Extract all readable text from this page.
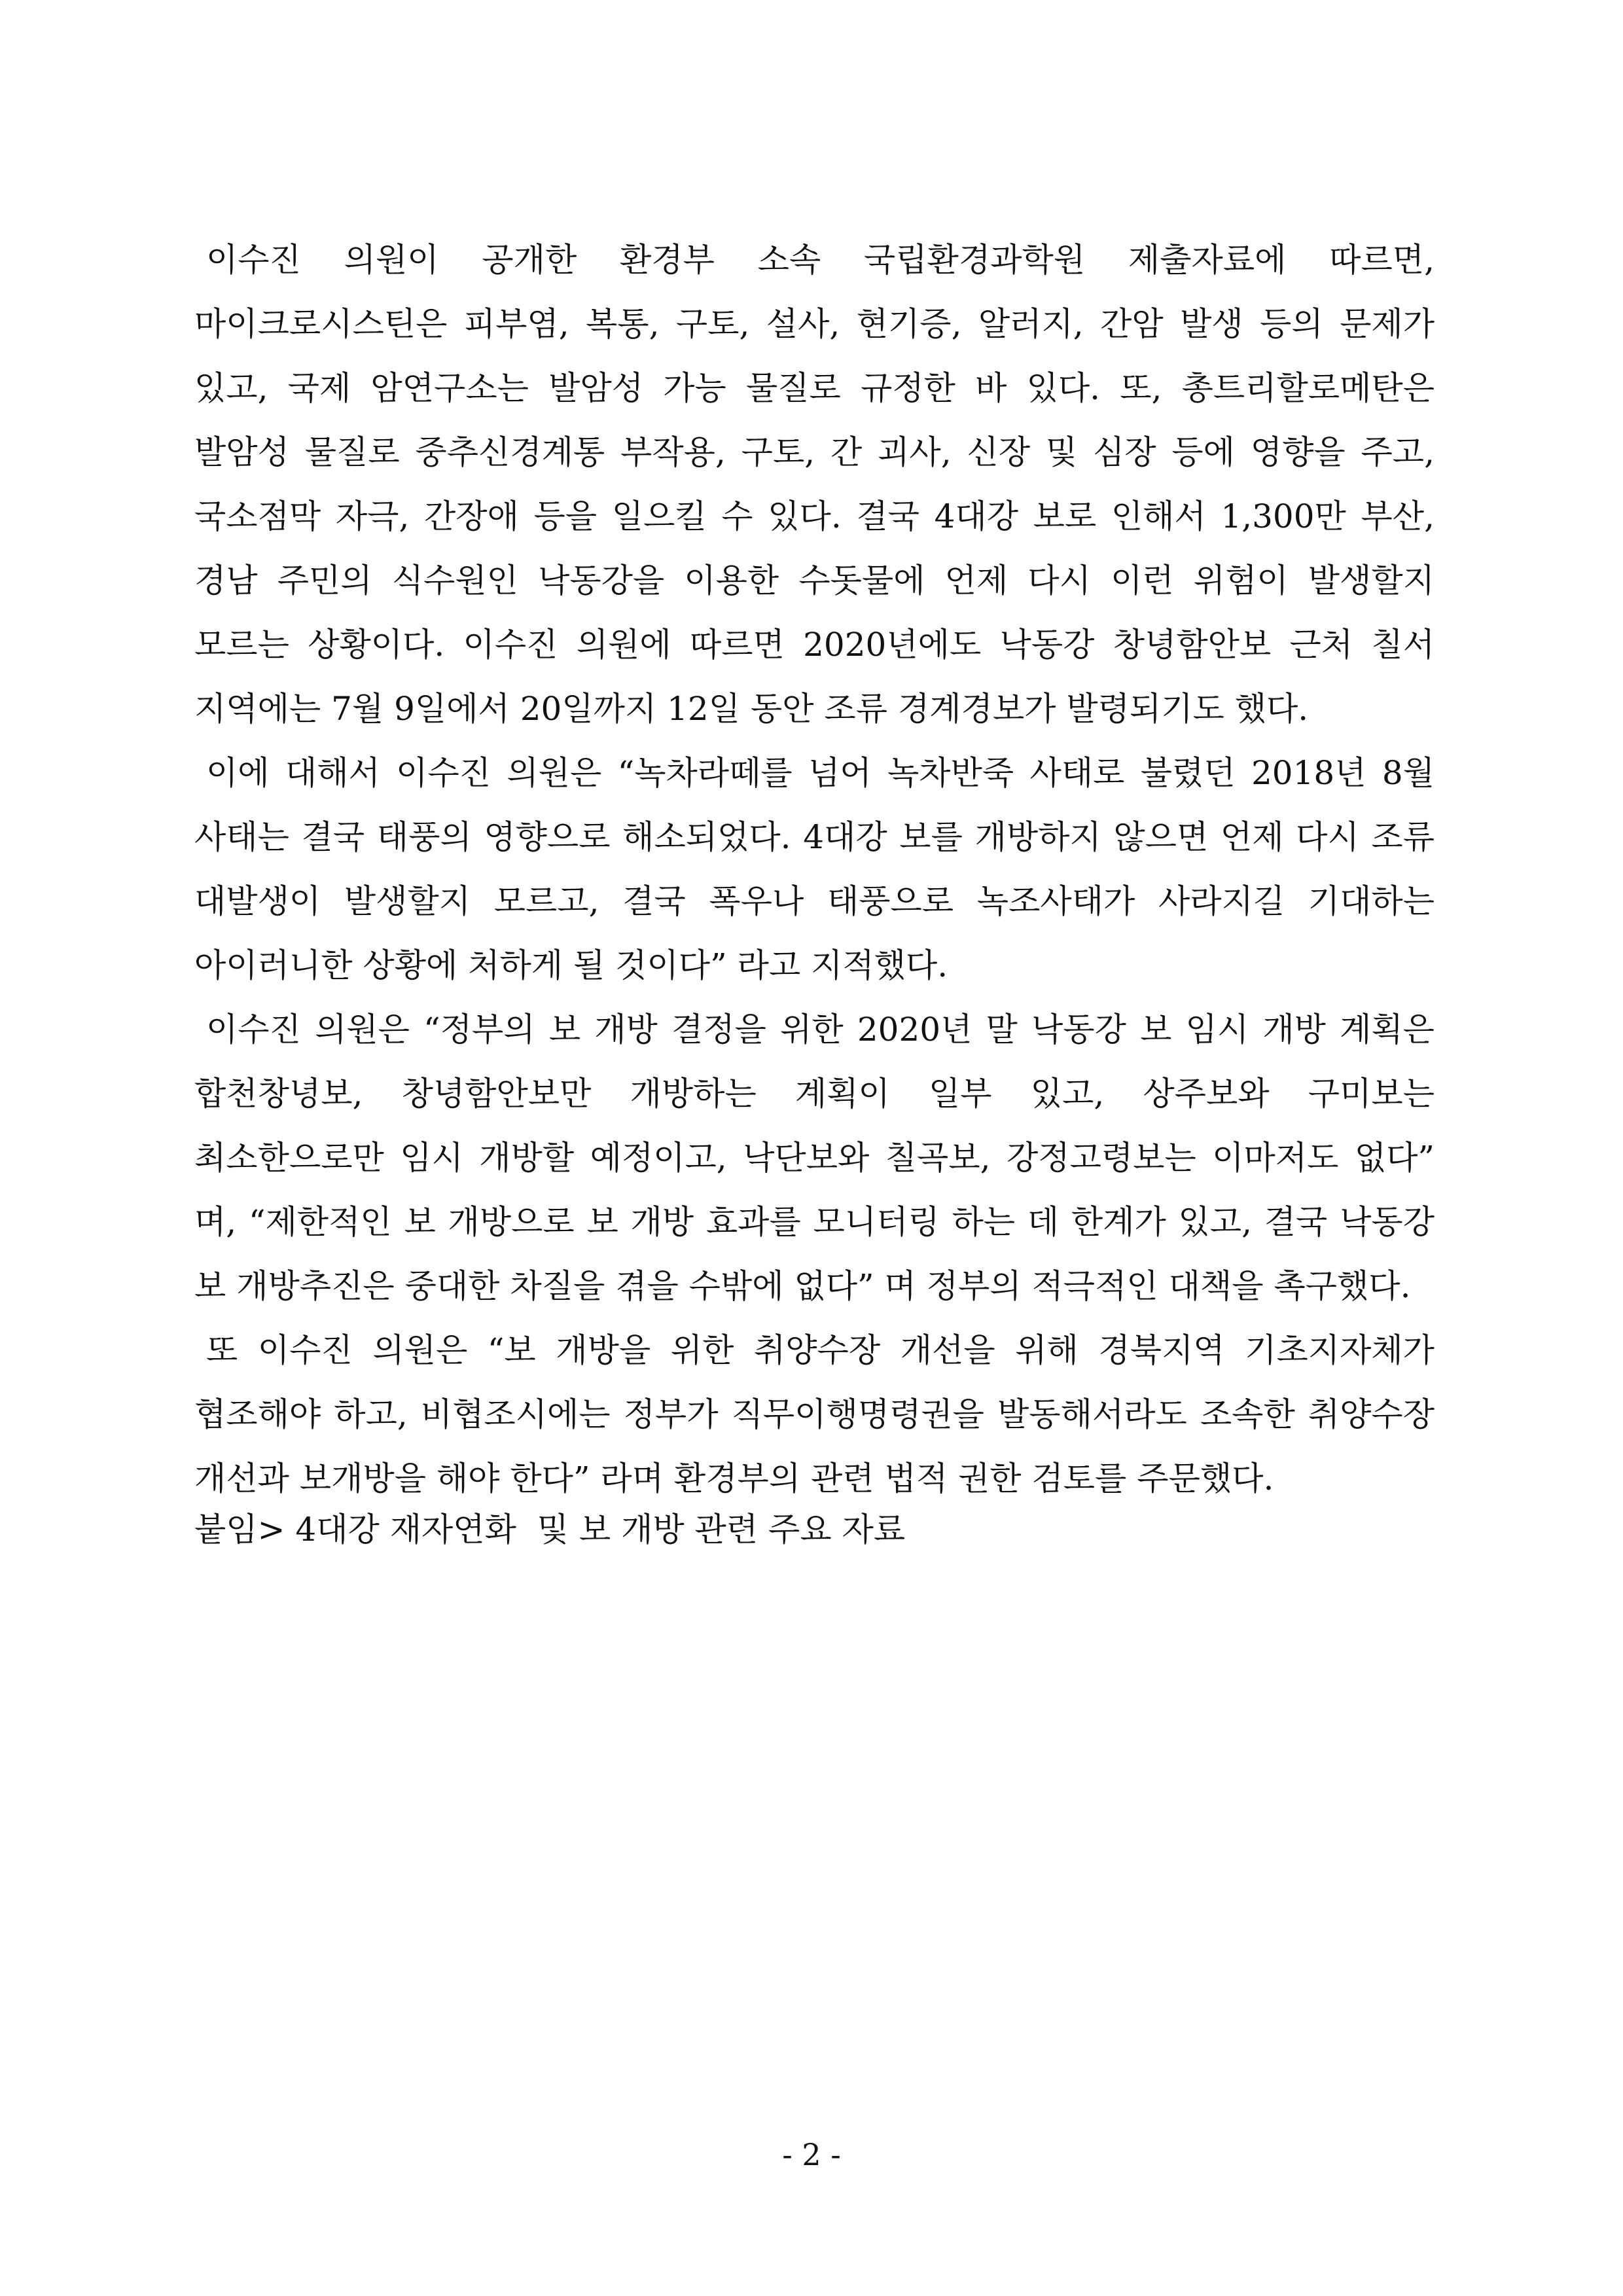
이수진 의원이 공개한 환경부 소속 국립환경과학원 제출자료에 따르면, 마이크로시스틴은 피부염, 복통, 구토, 설사, 현기증, 알러지, 간암 발생 등의 문제가 있고, 국제 암연구소는 발암성 가능 물질로 규정한 바 있다. 또, 총트리할로메탄은 발암성 물질로 중추신경계통 부작용, 구토, 간 괴사, 신장 및 심장 등에 영향을 주고, 국소점막 자극, 간장애 등을 일으킬 수 있다. 결국 4대강 보로 인해서 1,300만 부산, 경남 주민의 식수원인 낙동강을 이용한 수돗물에 언제 다시 이런 위험이 발생할지 모르는 상황이다. 이수진 의원에 따르면 2020년에도 낙동강 창녕함안보 근처 칠서 지역에는 7월 9일에서 20일까지 12일 동안 조류 경계경보가 발령되기도 했다.

이에 대해서 이수진 의원은 “녹차라떼를 넘어 녹차반죽 사태로 불렸던 2018년 8월 사태는 결국 태풍의 영향으로 해소되었다. 4대강 보를 개방하지 않으면 언제 다시 조류 대발생이 발생할지 모르고, 결국 폭우나 태풍으로 녹조사태가 사라지길 기대하는 아이러니한 상황에 처하게 될 것이다” 라고 지적했다.

이수진 의원은 “정부의 보 개방 결정을 위한 2020년 말 낙동강 보 임시 개방 계획은 합천창녕보, 창녕함안보만 개방하는 계획이 일부 있고, 상주보와 구미보는 최소한으로만 임시 개방할 예정이고, 낙단보와 칠곡보, 강정고령보는 이마저도 없다” 며, “제한적인 보 개방으로 보 개방 효과를 모니터링 하는 데 한계가 있고, 결국 낙동강 보 개방추진은 중대한 차질을 겪을 수밖에 없다” 며 정부의 적극적인 대책을 촉구했다.

또 이수진 의원은 “보 개방을 위한 취양수장 개선을 위해 경북지역 기초지자체가 협조해야 하고, 비협조시에는 정부가 직무이행명령권을 발동해서라도 조속한 취양수장 개선과 보개방을 해야 한다” 라며 환경부의 관련 법적 권한 검토를 주문했다.

붙임> 4대강 재자연화  및 보 개방 관련 주요 자료
- 2 -
